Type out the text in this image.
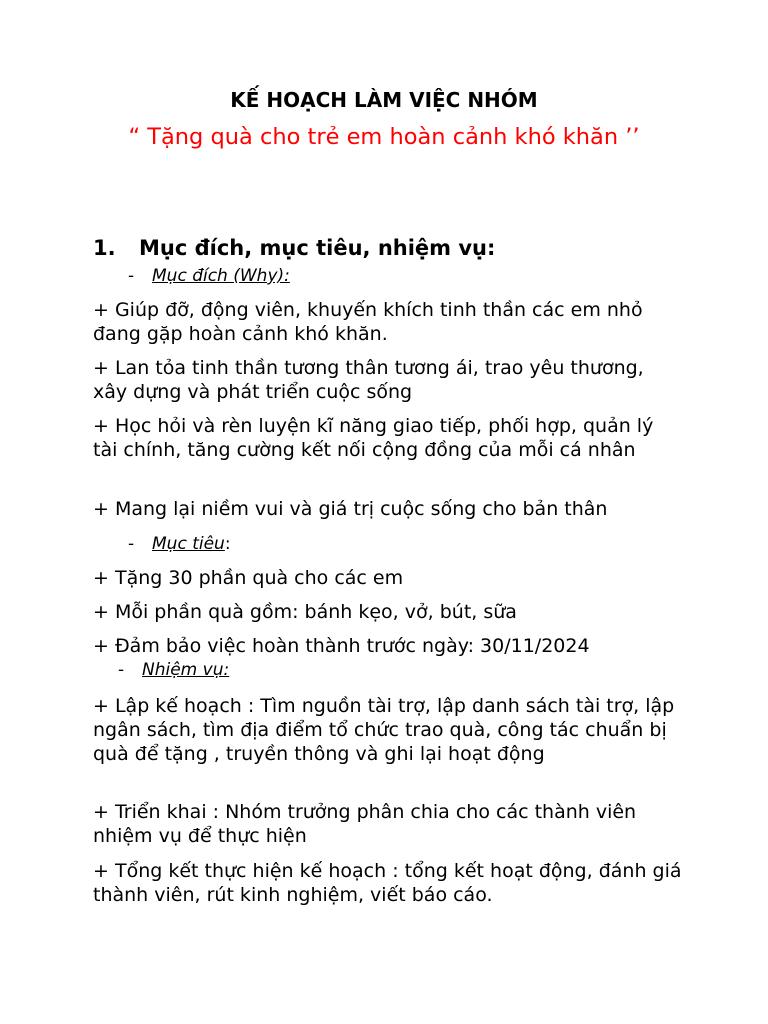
KẾ HOẠCH LÀM VIỆC NHÓM
“ Tặng quà cho trẻ em hoàn cảnh khó khăn ’’
1. Mục đích, mục tiêu, nhiệm vụ:
- Mục đích (Why):
+ Giúp đỡ, động viên, khuyến khích tinh thần các em nhỏ đang gặp hoàn cảnh khó khăn.
+ Lan tỏa tinh thần tương thân tương ái, trao yêu thương, xây dựng và phát triển cuộc sống
+ Học hỏi và rèn luyện kĩ năng giao tiếp, phối hợp, quản lý tài chính, tăng cường kết nối cộng đồng của mỗi cá nhân
+ Mang lại niềm vui và giá trị cuộc sống cho bản thân
- Mục tiêu:
+ Tặng 30 phần quà cho các em
+ Mỗi phần quà gồm: bánh kẹo, vở, bút, sữa
+ Đảm bảo việc hoàn thành trước ngày: 30/11/2024
- Nhiệm vụ:
+ Lập kế hoạch : Tìm nguồn tài trợ, lập danh sách tài trợ, lập ngân sách, tìm địa điểm tổ chức trao quà, công tác chuẩn bị quà để tặng , truyền thông và ghi lại hoạt động
+ Triển khai : Nhóm trưởng phân chia cho các thành viên nhiệm vụ để thực hiện
+ Tổng kết thực hiện kế hoạch : tổng kết hoạt động, đánh giá thành viên, rút kinh nghiệm, viết báo cáo.
